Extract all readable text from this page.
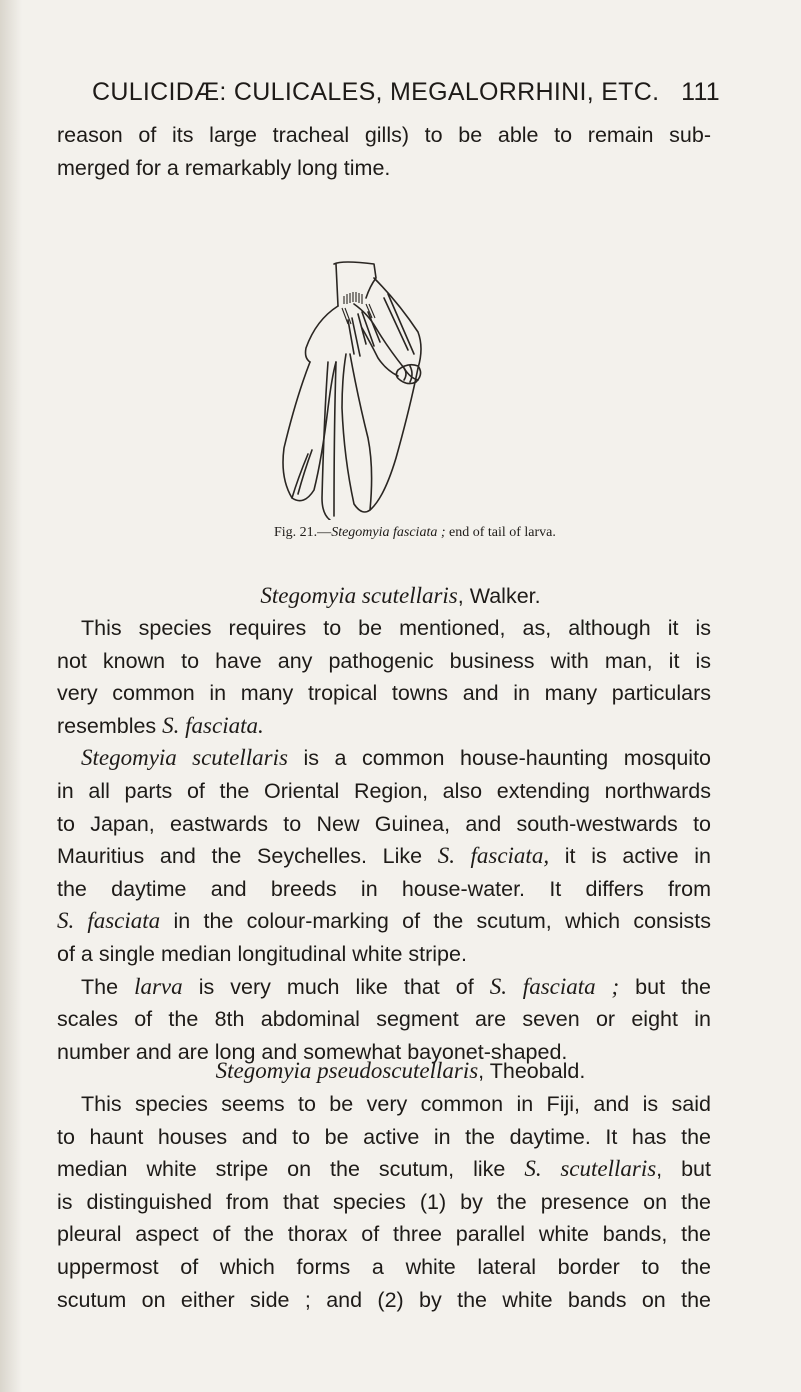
CULICIDÆ: CULICALES, MEGALORRHINI, ETC. 111
reason of its large tracheal gills) to be able to remain sub-
merged for a remarkably long time.
Fig. 21.—Stegomyia fasciata ; end of tail of larva.
Stegomyia scutellaris, Walker.
This species requires to be mentioned, as, although it is
not known to have any pathogenic business with man, it is
very common in many tropical towns and in many particulars
resembles S. fasciata.
Stegomyia scutellaris is a common house-haunting mosquito
in all parts of the Oriental Region, also extending northwards
to Japan, eastwards to New Guinea, and south-westwards to
Mauritius and the Seychelles. Like S. fasciata, it is active in
the daytime and breeds in house-water. It differs from
S. fasciata in the colour-marking of the scutum, which consists
of a single median longitudinal white stripe.
The larva is very much like that of S. fasciata ; but the
scales of the 8th abdominal segment are seven or eight in
number and are long and somewhat bayonet-shaped.
Stegomyia pseudoscutellaris, Theobald.
This species seems to be very common in Fiji, and is said
to haunt houses and to be active in the daytime. It has the
median white stripe on the scutum, like S. scutellaris, but
is distinguished from that species (1) by the presence on the
pleural aspect of the thorax of three parallel white bands, the
uppermost of which forms a white lateral border to the
scutum on either side ; and (2) by the white bands on the
